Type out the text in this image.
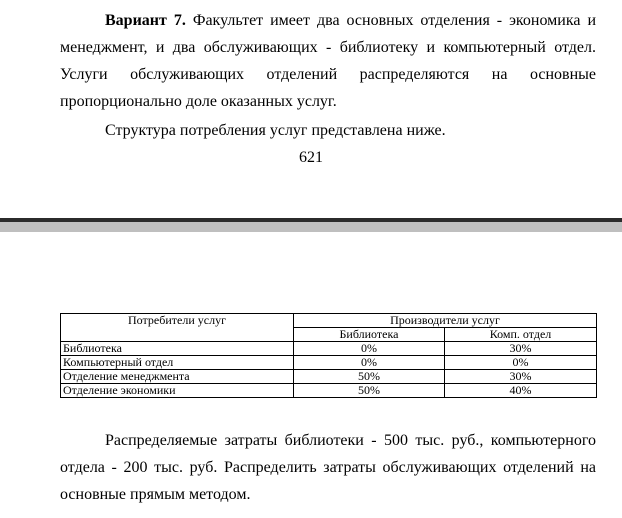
Вариант 7. Факультет имеет два основных отделения - экономика и менеджмент, и два обслуживающих - библиотеку и компьютерный отдел. Услуги обслуживающих отделений распределяются на основные пропорционально доле оказанных услуг.
Структура потребления услуг представлена ниже.
621
Потребители услуг	Производители услуг	
	Библиотека	Комп. отдел
Библиотека	0%	30%
Компьютерный отдел	0%	0%
Отделение менеджмента	50%	30%
Отделение экономики	50%	40%
Распределяемые затраты библиотеки - 500 тыс. руб., компьютерного отдела - 200 тыс. руб. Распределить затраты обслуживающих отделений на основные прямым методом.
